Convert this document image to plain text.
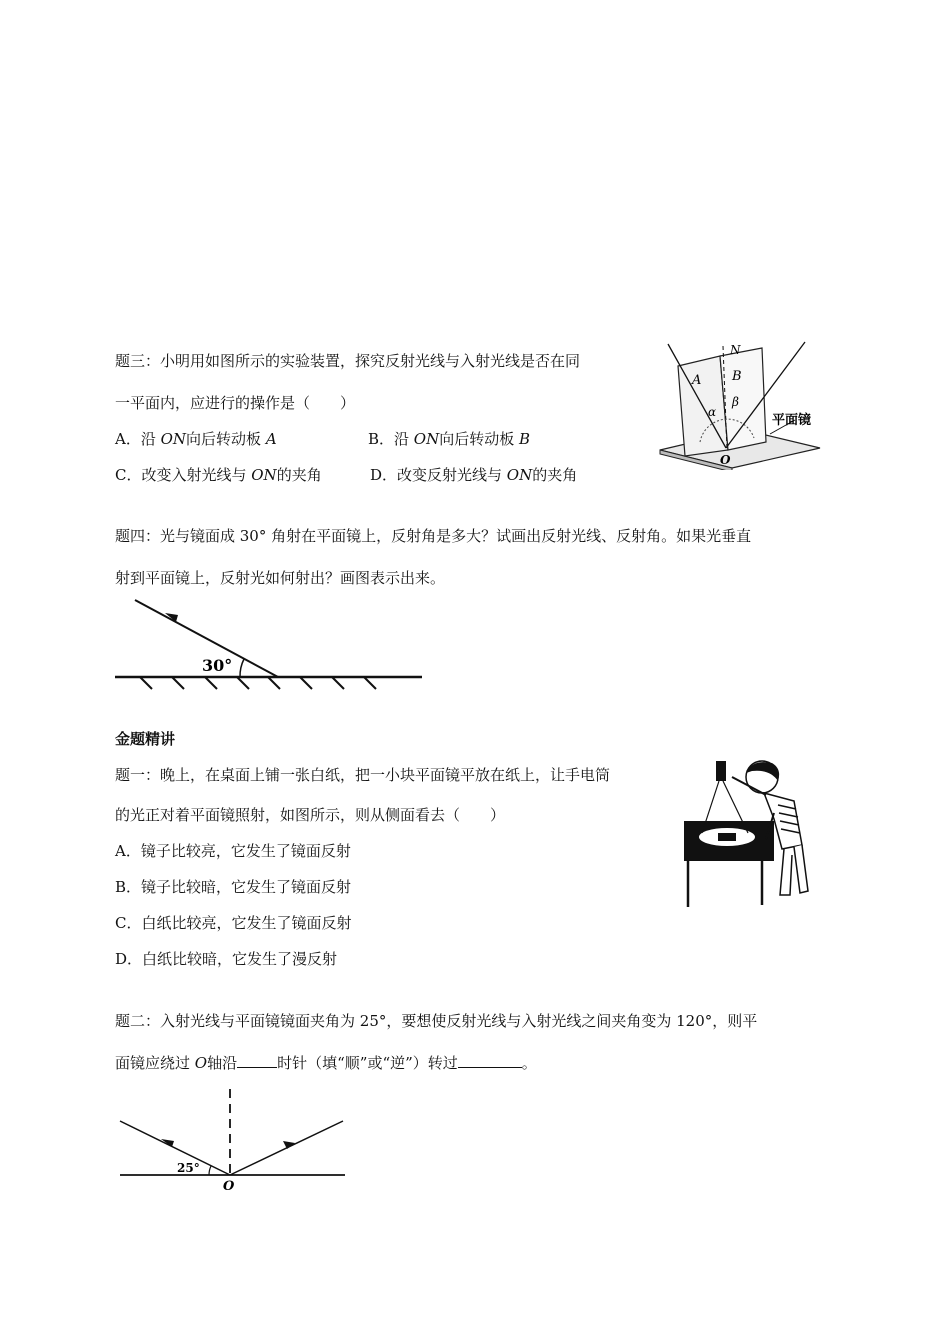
题三：小明用如图所示的实验装置，探究反射光线与入射光线是否在同
一平面内，应进行的操作是（　　）
A．沿 ON向后转动板 A	B．沿 ON向后转动板 B
C．改变入射光线与 ON的夹角	D．改变反射光线与 ON的夹角
N
A B
α
β
O
平面镜
题四：光与镜面成 30° 角射在平面镜上，反射角是多大？试画出反射光线、反射角。如果光垂直
射到平面镜上，反射光如何射出？画图表示出来。
30°
金题精讲
题一：晚上，在桌面上铺一张白纸，把一小块平面镜平放在纸上，让手电筒
的光正对着平面镜照射，如图所示，则从侧面看去（　　）
A．镜子比较亮，它发生了镜面反射
B．镜子比较暗，它发生了镜面反射
C．白纸比较亮，它发生了镜面反射
D．白纸比较暗，它发生了漫反射
题二：入射光线与平面镜镜面夹角为 25°，要想使反射光线与入射光线之间夹角变为 120°，则平
面镜应绕过 O轴沿	时针（填“顺”或“逆”）转过	。
25°
O
